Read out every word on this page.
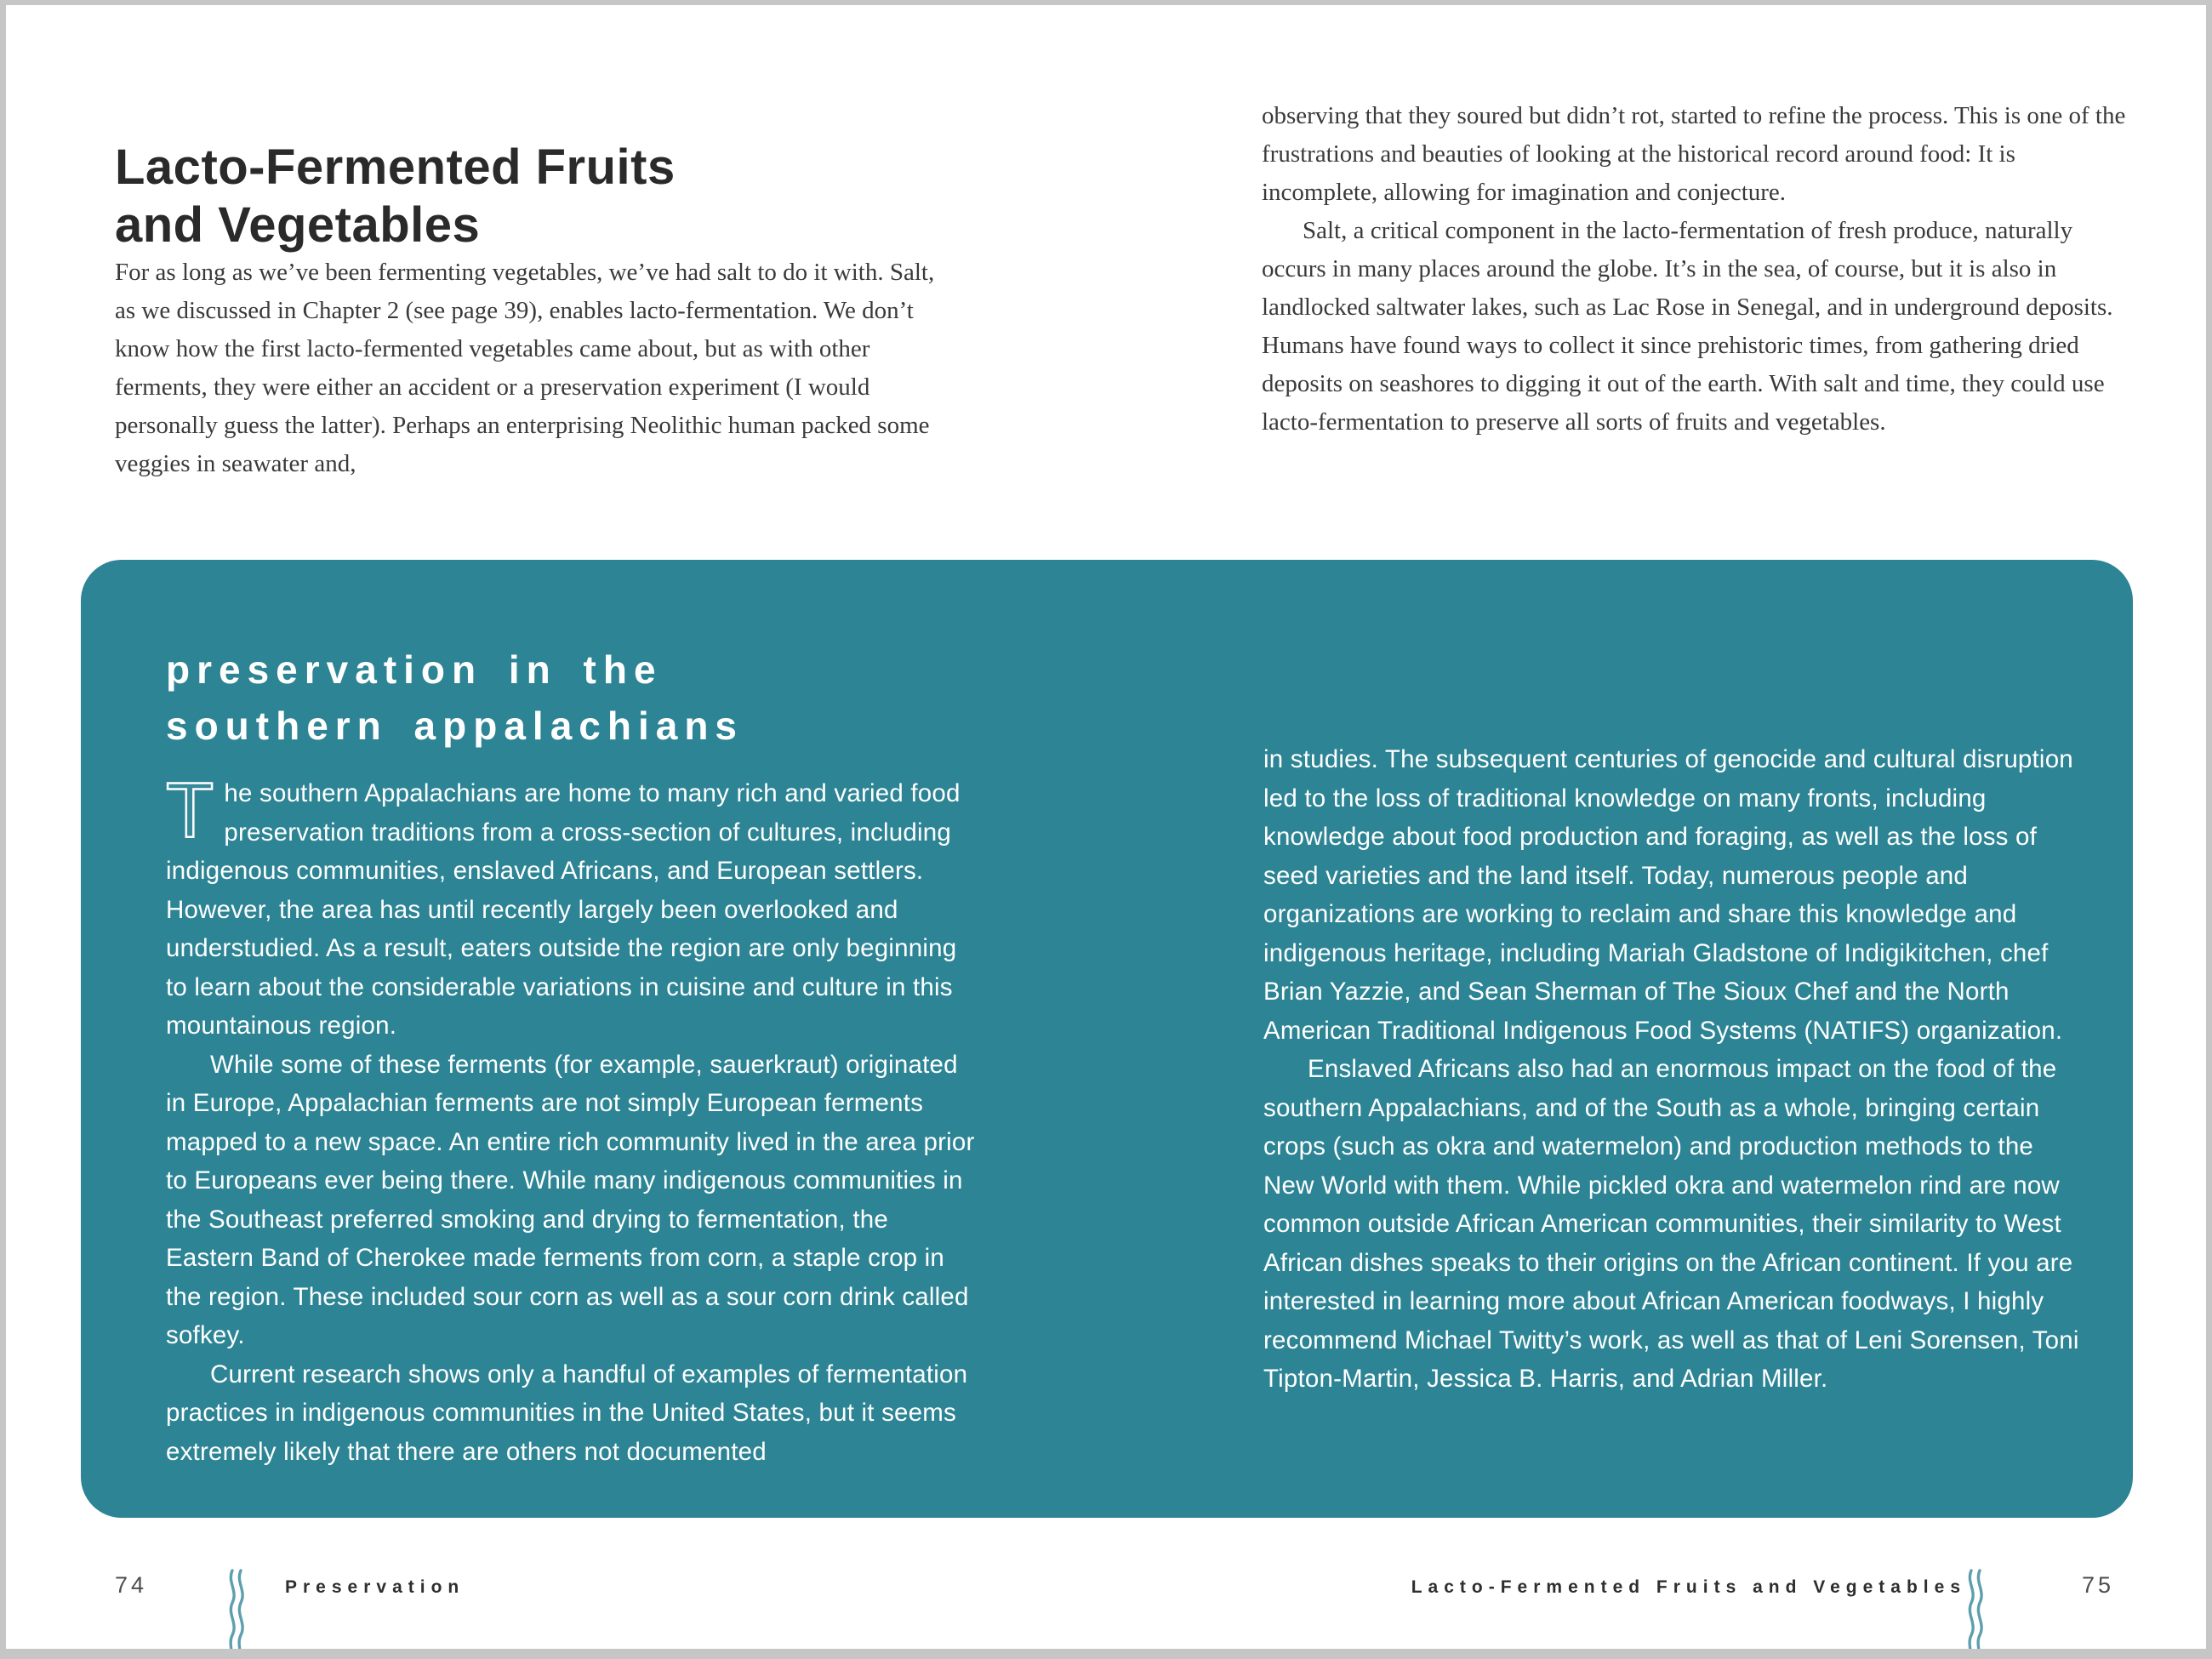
Lacto-Fermented Fruits
and Vegetables

For as long as we’ve been fermenting vegetables, we’ve had salt to do it with. Salt, as we discussed in Chapter 2 (see page 39), enables lacto-fermentation. We don’t know how the first lacto-fermented vegetables came about, but as with other ferments, they were either an accident or a preservation experiment (I would personally guess the latter). Perhaps an enterprising Neolithic human packed some veggies in seawater and,

observing that they soured but didn’t rot, started to refine the process. This is one of the frustrations and beauties of looking at the historical record around food: It is incomplete, allowing for imagination and conjecture.

Salt, a critical component in the lacto-fermentation of fresh produce, naturally occurs in many places around the globe. It’s in the sea, of course, but it is also in landlocked saltwater lakes, such as Lac Rose in Senegal, and in underground deposits. Humans have found ways to collect it since prehistoric times, from gathering dried deposits on seashores to digging it out of the earth. With salt and time, they could use lacto-fermentation to preserve all sorts of fruits and vegetables.

preservation in the
southern appalachians

The southern Appalachians are home to many rich and varied food preservation traditions from a cross-section of cultures, including indigenous communities, enslaved Africans, and European settlers. However, the area has until recently largely been overlooked and understudied. As a result, eaters outside the region are only beginning to learn about the considerable variations in cuisine and culture in this mountainous region.

While some of these ferments (for example, sauerkraut) originated in Europe, Appalachian ferments are not simply European ferments mapped to a new space. An entire rich community lived in the area prior to Europeans ever being there. While many indigenous communities in the Southeast preferred smoking and drying to fermentation, the Eastern Band of Cherokee made ferments from corn, a staple crop in the region. These included sour corn as well as a sour corn drink called sofkey.

Current research shows only a handful of examples of fermentation practices in indigenous communities in the United States, but it seems extremely likely that there are others not documented

in studies. The subsequent centuries of genocide and cultural disruption led to the loss of traditional knowledge on many fronts, including knowledge about food production and foraging, as well as the loss of seed varieties and the land itself. Today, numerous people and organizations are working to reclaim and share this knowledge and indigenous heritage, including Mariah Gladstone of Indigikitchen, chef Brian Yazzie, and Sean Sherman of The Sioux Chef and the North American Traditional Indigenous Food Systems (NATIFS) organization.

Enslaved Africans also had an enormous impact on the food of the southern Appalachians, and of the South as a whole, bringing certain crops (such as okra and watermelon) and production methods to the New World with them. While pickled okra and watermelon rind are now common outside African American communities, their similarity to West African dishes speaks to their origins on the African continent. If you are interested in learning more about African American foodways, I highly recommend Michael Twitty’s work, as well as that of Leni Sorensen, Toni Tipton-Martin, Jessica B. Harris, and Adrian Miller.

74	Preservation	Lacto-Fermented Fruits and Vegetables	75
